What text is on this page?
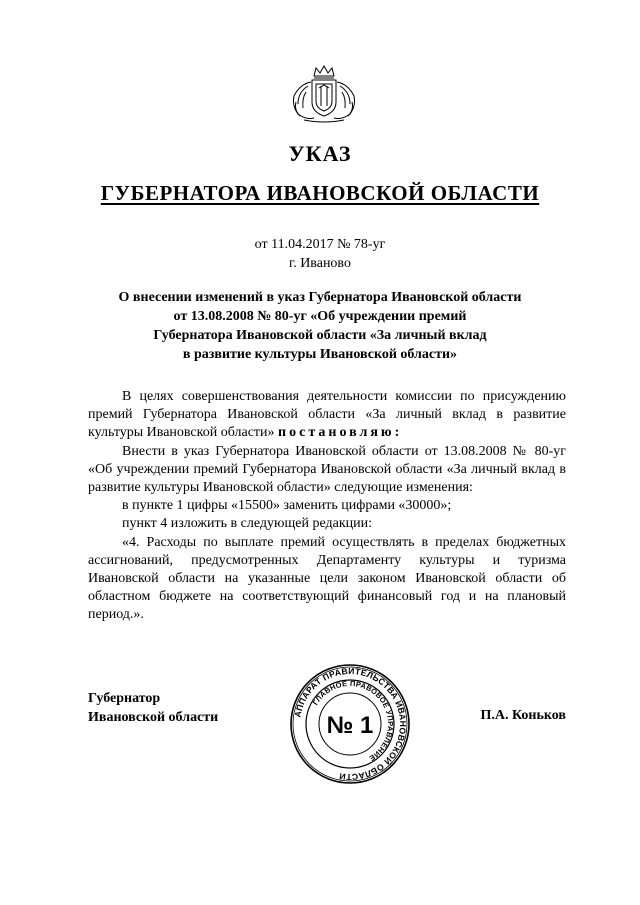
УКАЗ
ГУБЕРНАТОРА ИВАНОВСКОЙ ОБЛАСТИ
от 11.04.2017 № 78-уг
г. Иваново
О внесении изменений в указ Губернатора Ивановской области
от 13.08.2008 № 80-уг «Об учреждении премий
Губернатора Ивановской области «За личный вклад
в развитие культуры Ивановской области»

В целях совершенствования деятельности комиссии по присуждению премий Губернатора Ивановской области «За личный вклад в развитие культуры Ивановской области» постановляю:

Внести в указ Губернатора Ивановской области от 13.08.2008 № 80-уг «Об учреждении премий Губернатора Ивановской области «За личный вклад в развитие культуры Ивановской области» следующие изменения:

в пункте 1 цифры «15500» заменить цифрами «30000»;

пункт 4 изложить в следующей редакции:

«4. Расходы по выплате премий осуществлять в пределах бюджетных ассигнований, предусмотренных Департаменту культуры и туризма Ивановской области на указанные цели законом Ивановской области об областном бюджете на соответствующий финансовый год и на плановый период.».

Губернатор
Ивановской области	АППАРАТ ПРАВИТЕЛЬСТВА ИВАНОВСКОЙ ОБЛАСТИ
ГЛАВНОЕ ПРАВОВОЕ УПРАВЛЕНИЕ
№ 1	П.А. Коньков
